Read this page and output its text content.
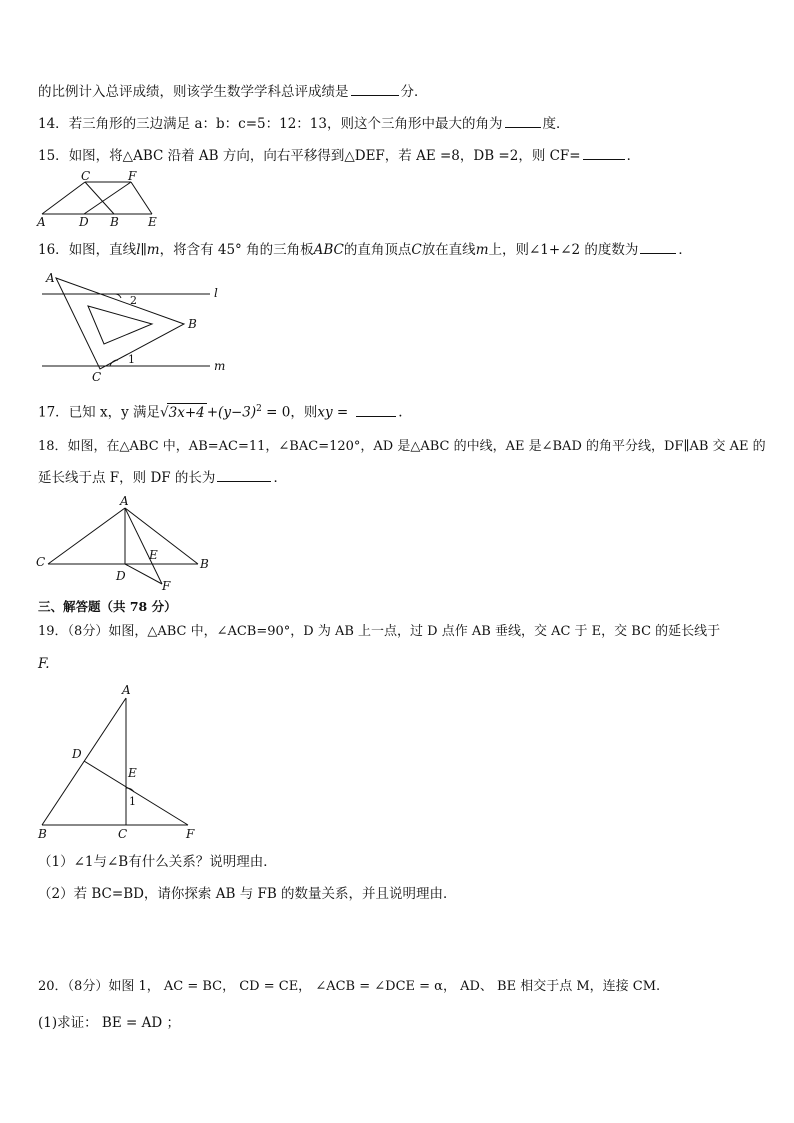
的比例计入总评成绩，则该学生数学学科总评成绩是	分．
14．若三角形的三边满足 a：b：c=5：12：13，则这个三角形中最大的角为	度．
15．如图，将△ABC 沿着 AB 方向，向右平移得到△DEF，若 AE =8，DB =2，则 CF=	．
C	F
A	D B E
16．如图，直线l∥m，将含有 45° 角的三角板ABC的直角顶点C放在直线m上，则∠1+∠2 的度数为	．
A
l
2
B
1	m
C
17．已知 x，y 满足$√3x+4 +(y-3)^2 = 0$，则xy =	.
18．如图，在△ABC 中，AB=AC=11，∠BAC=120°，AD 是△ABC 的中线，AE 是∠BAD 的角平分线，DF∥AB 交 AE 的
延长线于点 F，则 DF 的长为	．
A
C	E
B
D
F
三、解答题（共 78 分）
19．（8分）如图，△ABC 中，∠ACB=90°，D 为 AB 上一点，过 D 点作 AB 垂线，交 AC 于 E，交 BC 的延长线于
F.
A
D
E
1
B	C	F
（1）∠1与∠B有什么关系？说明理由．
（2）若 BC=BD，请你探索 AB 与 FB 的数量关系，并且说明理由．
20．（8分）如图 1， AC = BC， CD = CE， ∠ACB = ∠DCE = α， AD、 BE 相交于点 M，连接 CM.
(1)求证： BE = AD ；
